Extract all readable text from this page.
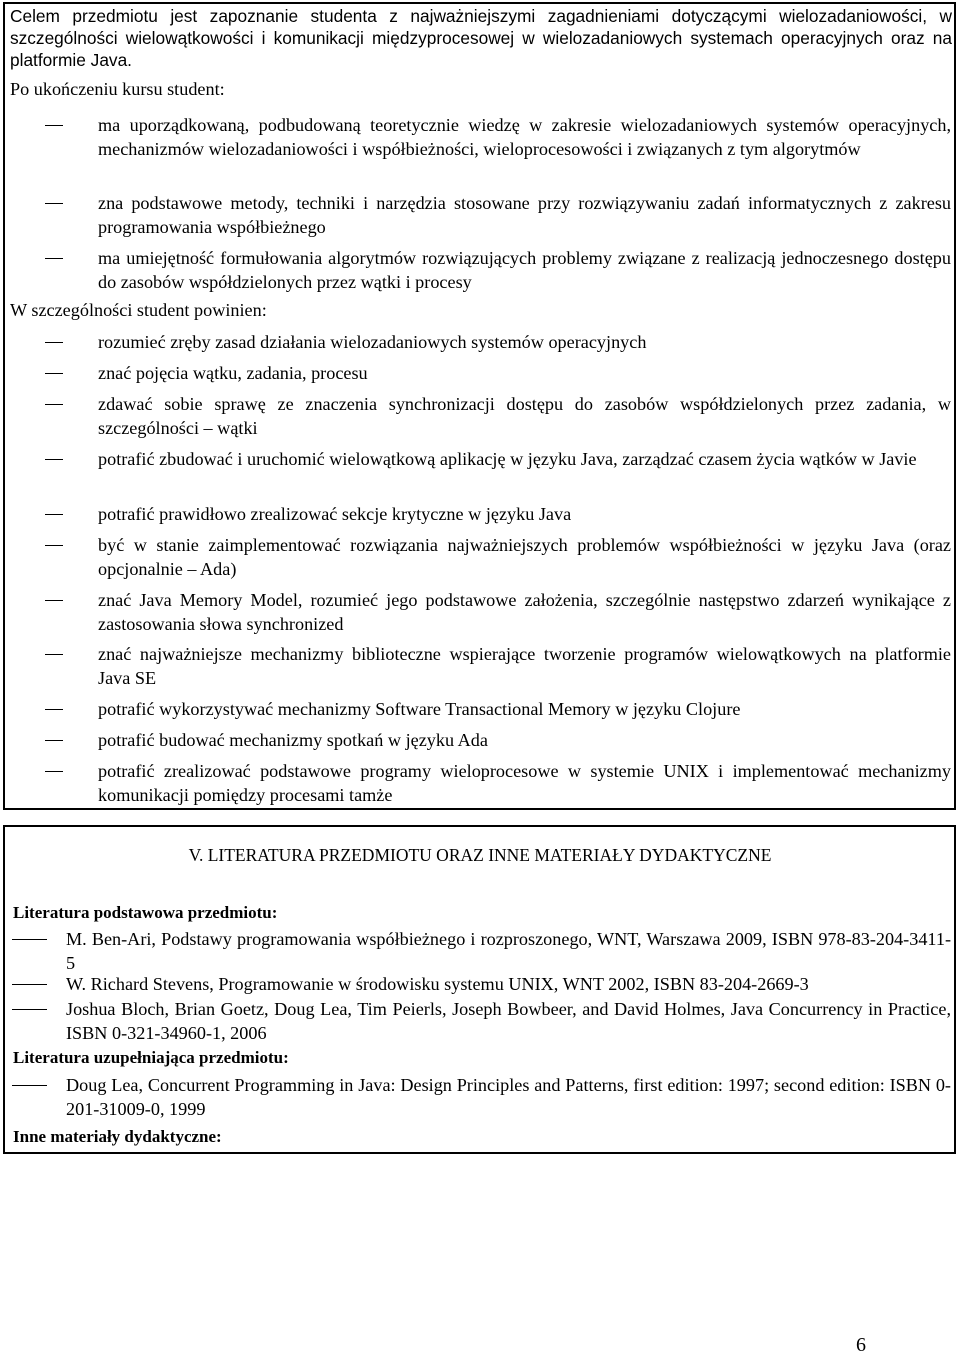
Celem przedmiotu jest zapoznanie studenta z najważniejszymi zagadnieniami dotyczącymi wielozadaniowości, w szczególności wielowątkowości i komunikacji międzyprocesowej w wielozadaniowych systemach operacyjnych oraz na platformie Java.

Po ukończeniu kursu student:

ma uporządkowaną, podbudowaną teoretycznie wiedzę w zakresie wielozadaniowych systemów operacyjnych, mechanizmów wielozadaniowości i współbieżności, wieloprocesowości i związanych z tym algorytmów

zna podstawowe metody, techniki i narzędzia stosowane przy rozwiązywaniu zadań informatycznych z zakresu programowania współbieżnego

ma umiejętność formułowania algorytmów rozwiązujących problemy związane z realizacją jednoczesnego dostępu do zasobów współdzielonych przez wątki i procesy

W szczególności student powinien:

rozumieć zręby zasad działania wielozadaniowych systemów operacyjnych

znać pojęcia wątku, zadania, procesu

zdawać sobie sprawę ze znaczenia synchronizacji dostępu do zasobów współdzielonych przez zadania, w szczególności – wątki

potrafić zbudować i uruchomić wielowątkową aplikację w języku Java, zarządzać czasem życia wątków w Javie

potrafić prawidłowo zrealizować sekcje krytyczne w języku Java

być w stanie zaimplementować rozwiązania najważniejszych problemów współbieżności w języku Java (oraz opcjonalnie – Ada)

znać Java Memory Model, rozumieć jego podstawowe założenia, szczególnie następstwo zdarzeń wynikające z zastosowania słowa synchronized

znać najważniejsze mechanizmy biblioteczne wspierające tworzenie programów wielowątkowych na platformie Java SE

potrafić wykorzystywać mechanizmy Software Transactional Memory w języku Clojure

potrafić budować mechanizmy spotkań w języku Ada

potrafić zrealizować podstawowe programy wieloprocesowe w systemie UNIX i implementować mechanizmy komunikacji pomiędzy procesami tamże

V. LITERATURA PRZEDMIOTU ORAZ INNE MATERIAŁY DYDAKTYCZNE

Literatura podstawowa przedmiotu:

M. Ben-Ari, Podstawy programowania współbieżnego i rozproszonego, WNT, Warszawa 2009, ISBN 978-83-204-3411-5

W. Richard Stevens, Programowanie w środowisku systemu UNIX, WNT 2002, ISBN 83-204-2669-3

Joshua Bloch, Brian Goetz, Doug Lea, Tim Peierls, Joseph Bowbeer, and David Holmes, Java Concurrency in Practice, ISBN 0-321-34960-1, 2006

Literatura uzupełniająca przedmiotu:

Doug Lea, Concurrent Programming in Java: Design Principles and Patterns, first edition: 1997; second edition: ISBN 0-201-31009-0, 1999

Inne materiały dydaktyczne:

6
